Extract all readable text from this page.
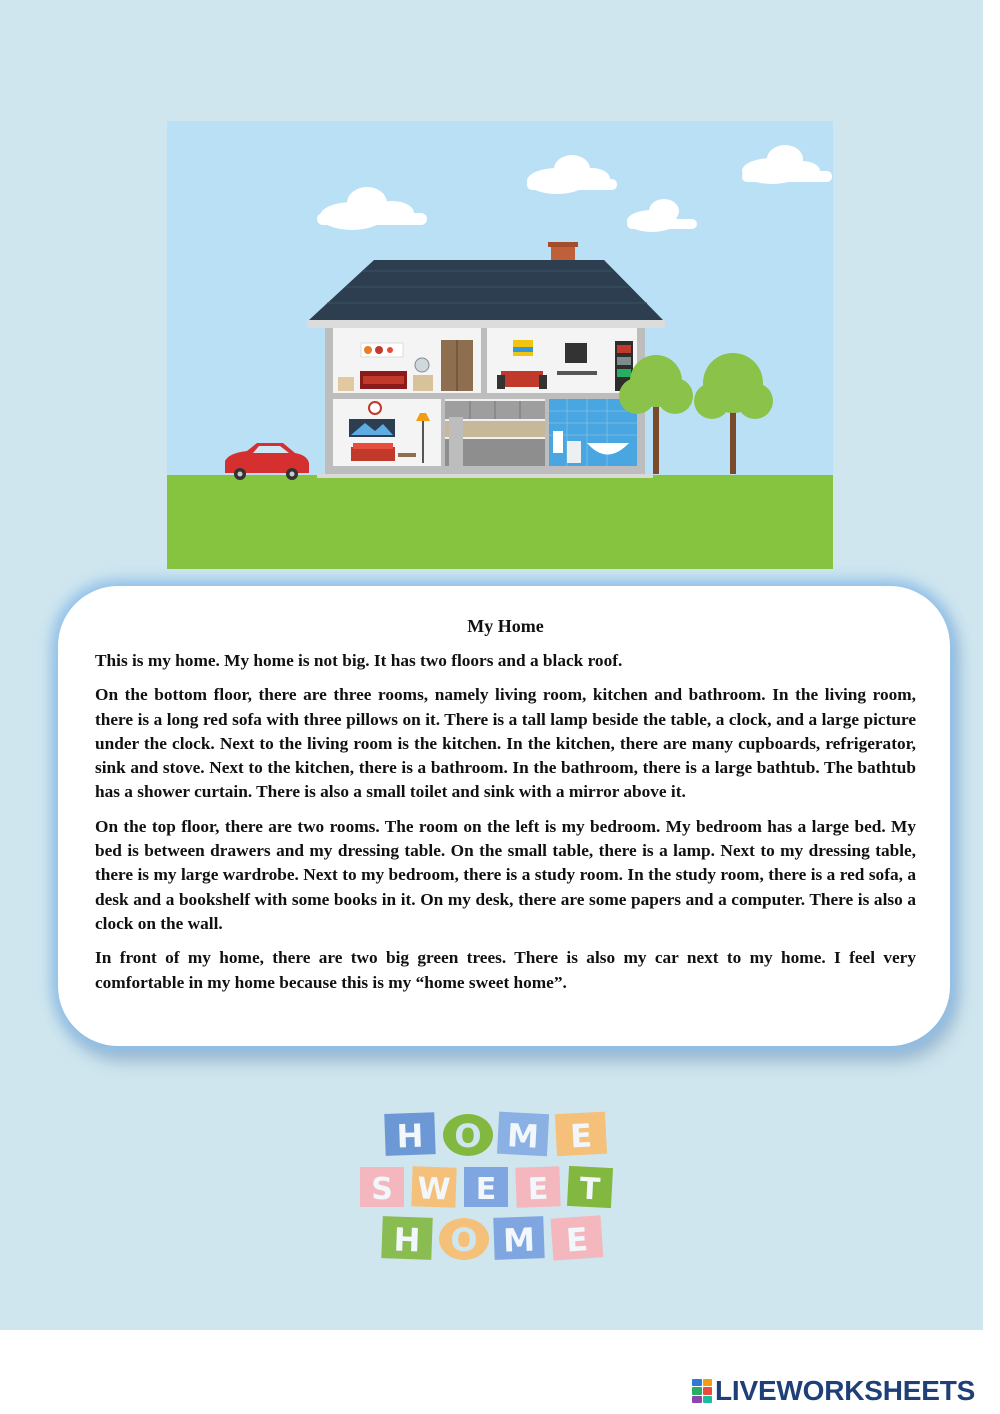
My Home

This is my home. My home is not big. It has two floors and a black roof.

On the bottom floor, there are three rooms, namely living room, kitchen and bathroom. In the living room, there is a long red sofa with three pillows on it. There is a tall lamp beside the table, a clock, and a large picture under the clock. Next to the living room is the kitchen. In the kitchen, there are many cupboards, refrigerator, sink and stove. Next to the kitchen, there is a bathroom. In the bathroom, there is a large bathtub. The bathtub has a shower curtain. There is also a small toilet and sink with a mirror above it.

On the top floor, there are two rooms. The room on the left is my bedroom. My bedroom has a large bed. My bed is between drawers and my dressing table. On the small table, there is a lamp. Next to my dressing table, there is my large wardrobe. Next to my bedroom, there is a study room. In the study room, there is a red sofa, a desk and a bookshelf with some books in it. On my desk, there are some papers and a computer. There is also a clock on the wall.

In front of my home, there are two big green trees. There is also my car next to my home. I feel very comfortable in my home because this is my “home sweet home”.

H O M E
S W E E T
H O M E
LIVEWORKSHEETS
